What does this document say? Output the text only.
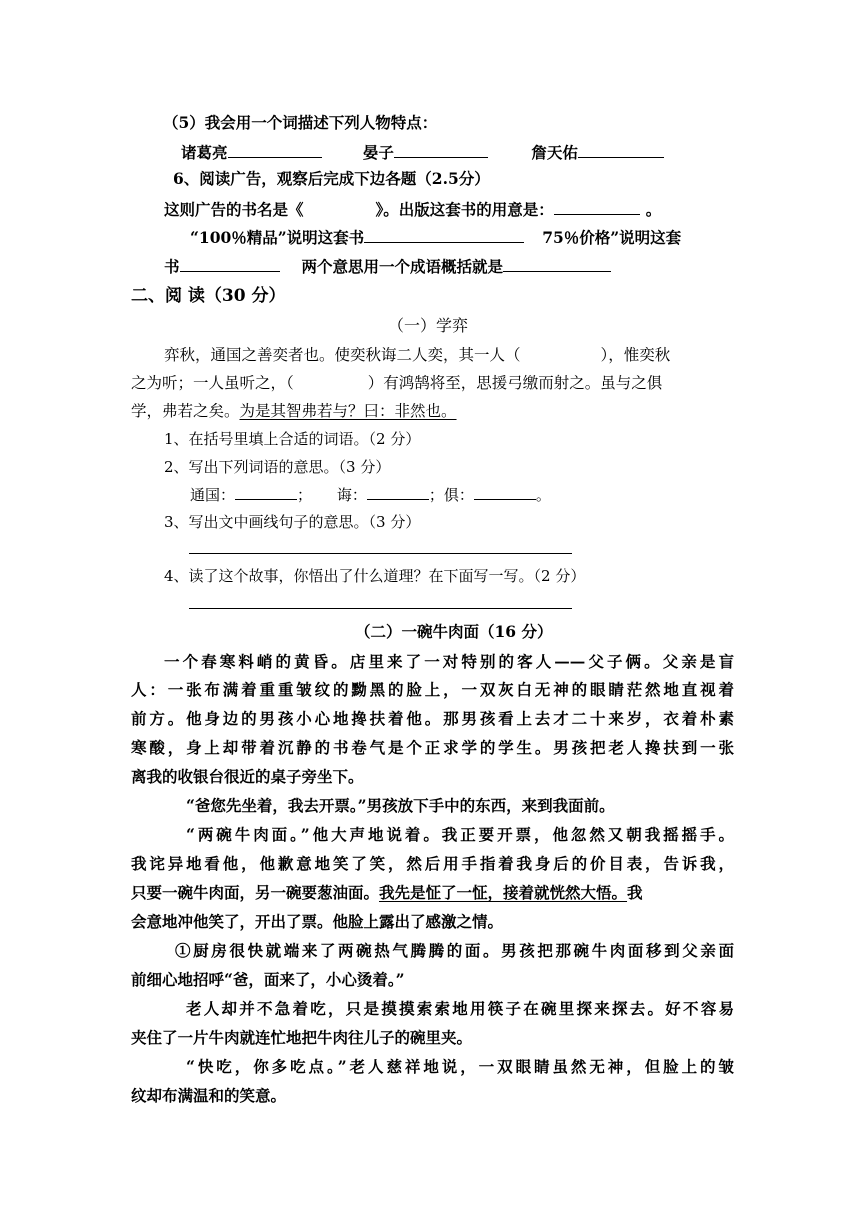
（5）我会用一个词描述下列人物特点：
诸葛亮	晏子	詹天佑
6、阅读广告，观察后完成下边各题（2.5分）
这则广告的书名是《	》。出版这套书的用意是：	。
“100％精品”说明这套书	75％价格”说明这套
书	两个意思用一个成语概括就是
二、阅 读（30 分）
（一）学弈
弈秋，通国之善奕者也。使奕秋诲二人奕，其一人（	），惟奕秋
之为听；一人虽听之，（	）有鸿鹄将至，思援弓缴而射之。虽与之俱
学，弗若之矣。为是其智弗若与？曰：非然也。
1、在括号里填上合适的词语。（2 分）
2、写出下列词语的意思。（3 分）
通国：	； 诲：	；俱：	。
3、写出文中画线句子的意思。（3 分）
4、读了这个故事，你悟出了什么道理？在下面写一写。（2 分）
（二）一碗牛肉面（16 分）
一个春寒料峭的黄昏。店里来了一对特别的客人——父子俩。父亲是盲
人：一张布满着重重皱纹的黝黑的脸上，一双灰白无神的眼睛茫然地直视着
前方。他身边的男孩小心地搀扶着他。那男孩看上去才二十来岁，衣着朴素
寒酸，身上却带着沉静的书卷气是个正求学的学生。男孩把老人搀扶到一张
离我的收银台很近的桌子旁坐下。
“爸您先坐着，我去开票。”男孩放下手中的东西，来到我面前。
“两碗牛肉面。”他大声地说着。我正要开票，他忽然又朝我摇摇手。
我诧异地看他，他歉意地笑了笑，然后用手指着我身后的价目表，告诉我，
只要一碗牛肉面，另一碗要葱油面。我先是怔了一怔，接着就恍然大悟。我
会意地冲他笑了，开出了票。他脸上露出了感激之情。
①厨房很快就端来了两碗热气腾腾的面。男孩把那碗牛肉面移到父亲面
前细心地招呼“爸，面来了，小心烫着。”
老人却并不急着吃，只是摸摸索索地用筷子在碗里探来探去。好不容易
夹住了一片牛肉就连忙地把牛肉往儿子的碗里夹。
“快吃，你多吃点。”老人慈祥地说，一双眼睛虽然无神，但脸上的皱
纹却布满温和的笑意。
